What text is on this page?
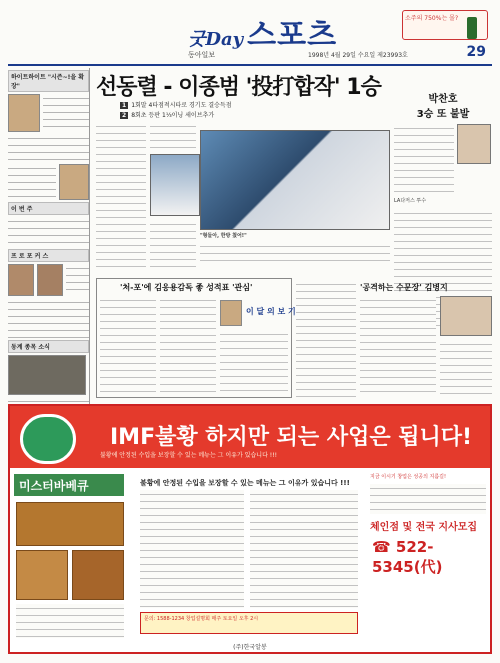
굿Day 스포츠
동아일보	1998년 4월 29일 수요일 제23993호
소주의 750%는 몰?
29
하이트하이트 "시즌~!을 확장"
이 번 주
프 로 포 커 스
동계 종목 소식
선동렬 - 이종범 '投打합작' 1승
1 1회말 4타점적시타로 경기도 결승득점
2 8회초 등판 1⅓이닝 세이브추가
"형들아, 한방 쳤어!"
박찬호
3승 또 불발
LA다저스 투수
'처-포'에 김응용감독 좋 성적표 '관심'
이 달 의 보 기
'공격하는 수문장' 김병지
IMF불황 하지만 되는 사업은 됩니다!
불황에 안정된 수입을 보장할 수 있는 메뉴는 그 이유가 있습니다 !!!
미스터바베큐	불황에 안정된 수입을 보장할 수 있는 메뉴는 그 이유가 있습니다 !!!
문의: 1588-1234 창업설명회 매주 토요일 오후 2시
지금 이시기 창업은 성공의 지름길!
체인점 및 전국 지사모집
☎ 522-5345(代)
(주)한국알봉
